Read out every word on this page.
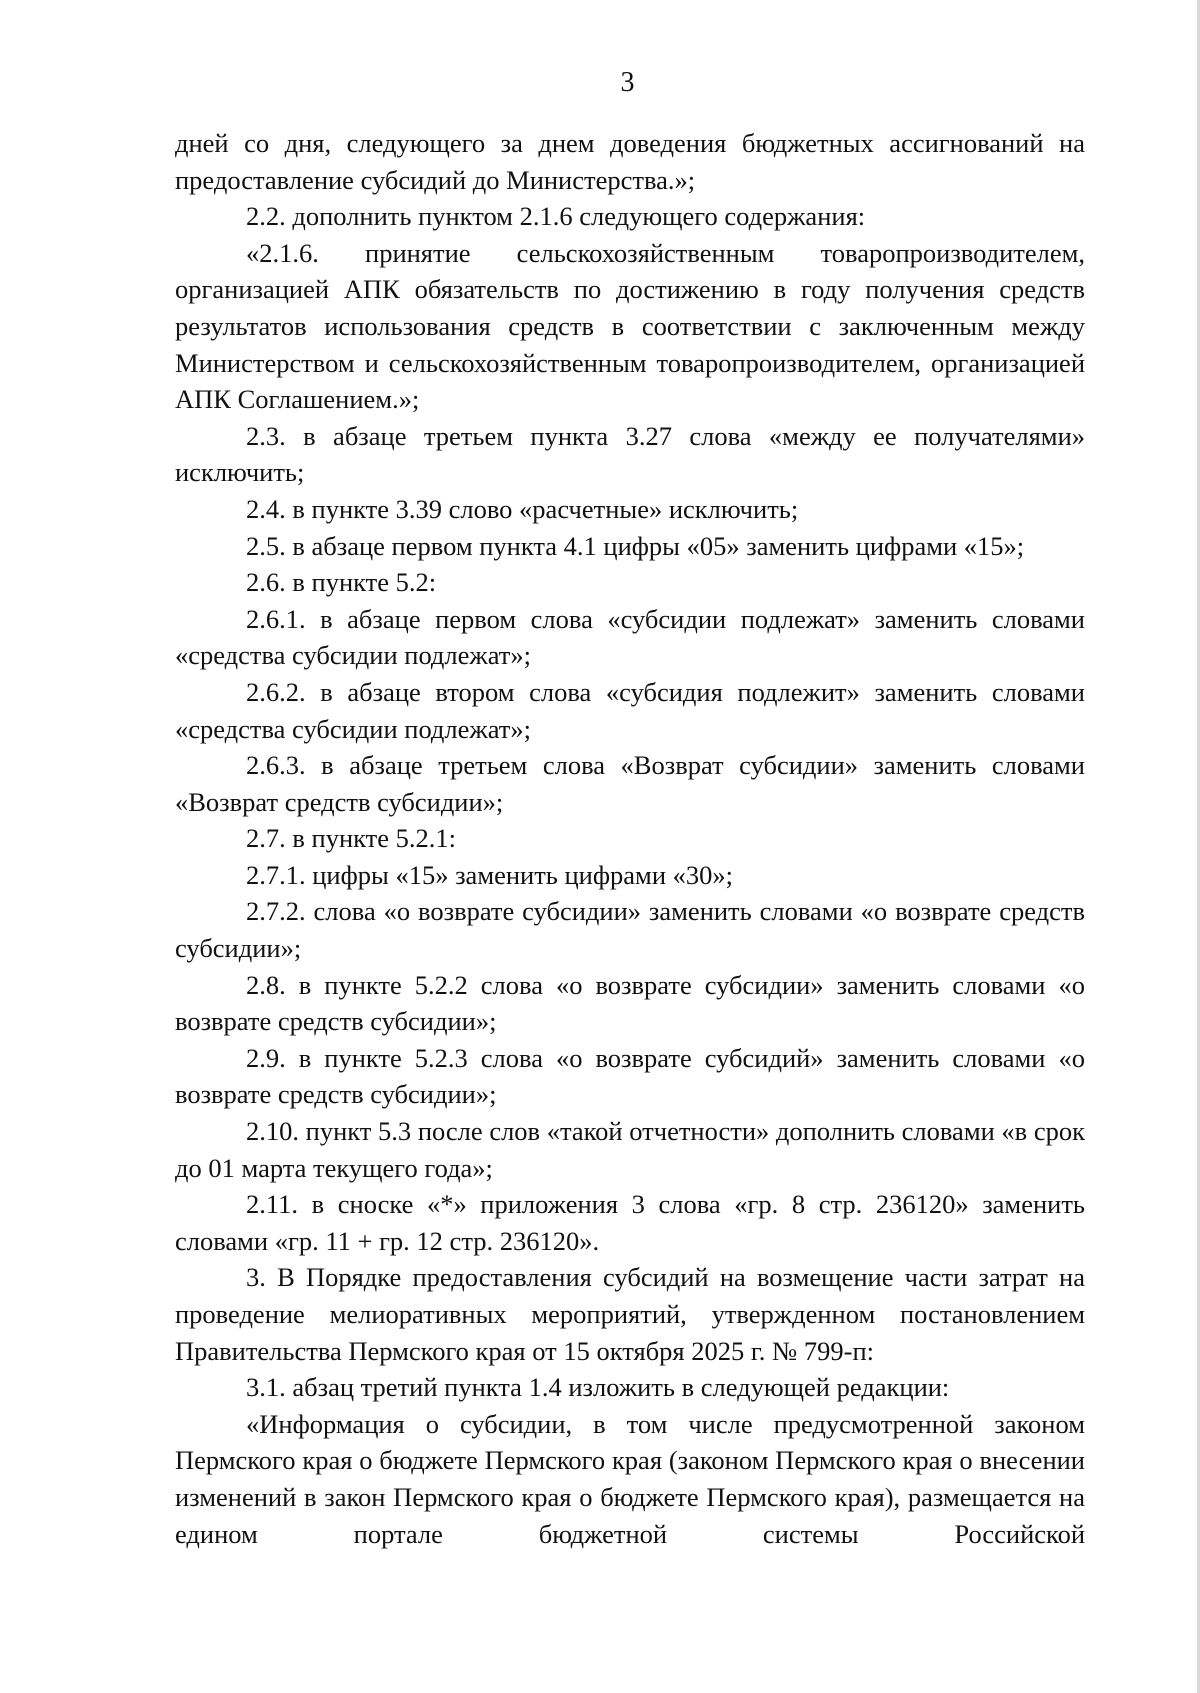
3

дней со дня, следующего за днем доведения бюджетных ассигнований на предоставление субсидий до Министерства.»;

2.2. дополнить пунктом 2.1.6 следующего содержания:

«2.1.6. принятие сельскохозяйственным товаропроизводителем, организацией АПК обязательств по достижению в году получения средств результатов использования средств в соответствии с заключенным между Министерством и сельскохозяйственным товаропроизводителем, организацией АПК Соглашением.»;

2.3. в абзаце третьем пункта 3.27 слова «между ее получателями» исключить;

2.4. в пункте 3.39 слово «расчетные» исключить;

2.5. в абзаце первом пункта 4.1 цифры «05» заменить цифрами «15»;

2.6. в пункте 5.2:

2.6.1. в абзаце первом слова «субсидии подлежат» заменить словами «средства субсидии подлежат»;

2.6.2. в абзаце втором слова «субсидия подлежит» заменить словами «средства субсидии подлежат»;

2.6.3. в абзаце третьем слова «Возврат субсидии» заменить словами «Возврат средств субсидии»;

2.7. в пункте 5.2.1:

2.7.1. цифры «15» заменить цифрами «30»;

2.7.2. слова «о возврате субсидии» заменить словами «о возврате средств субсидии»;

2.8. в пункте 5.2.2 слова «о возврате субсидии» заменить словами «о возврате средств субсидии»;

2.9. в пункте 5.2.3 слова «о возврате субсидий» заменить словами «о возврате средств субсидии»;

2.10. пункт 5.3 после слов «такой отчетности» дополнить словами «в срок до 01 марта текущего года»;

2.11. в сноске «*» приложения 3 слова «гр. 8 стр. 236120» заменить словами «гр. 11 + гр. 12 стр. 236120».

3. В Порядке предоставления субсидий на возмещение части затрат на проведение мелиоративных мероприятий, утвержденном постановлением Правительства Пермского края от 15 октября 2025 г. № 799-п:

3.1. абзац третий пункта 1.4 изложить в следующей редакции:

«Информация о субсидии, в том числе предусмотренной законом Пермского края о бюджете Пермского края (законом Пермского края о внесении изменений в закон Пермского края о бюджете Пермского края), размещается на едином портале бюджетной системы Российской
